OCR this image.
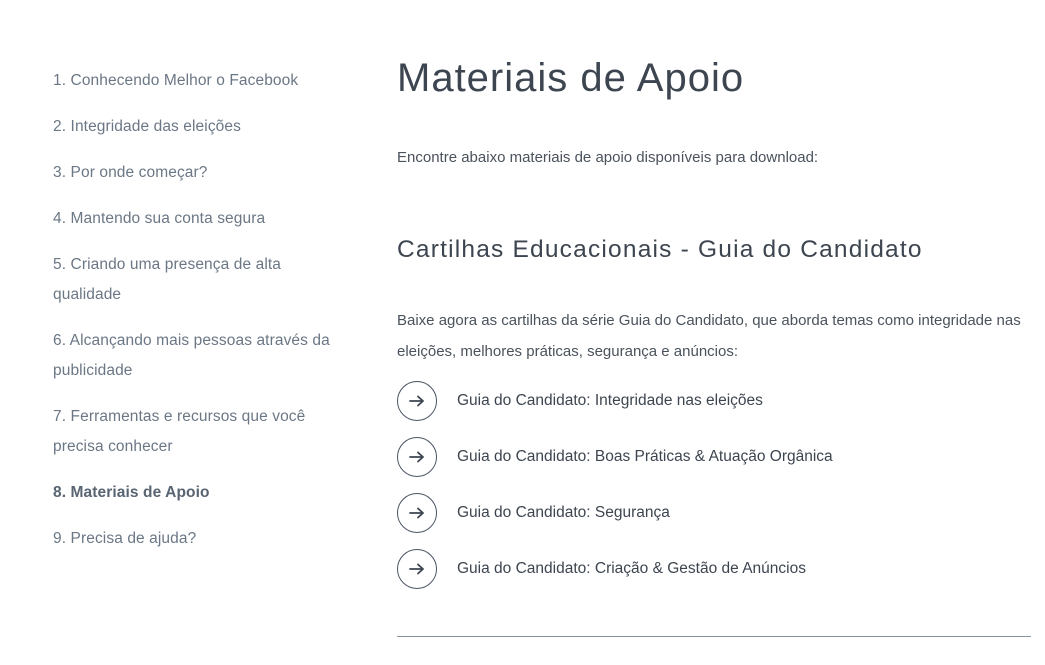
1. Conhecendo Melhor o Facebook
2. Integridade das eleições
3. Por onde começar?
4. Mantendo sua conta segura
5. Criando uma presença de alta qualidade
6. Alcançando mais pessoas através da publicidade
7. Ferramentas e recursos que você precisa conhecer
8. Materiais de Apoio
9. Precisa de ajuda?
Materiais de Apoio

Encontre abaixo materiais de apoio disponíveis para download:

Cartilhas Educacionais - Guia do Candidato

Baixe agora as cartilhas da série Guia do Candidato, que aborda temas como integridade nas eleições, melhores práticas, segurança e anúncios:

Guia do Candidato: Integridade nas eleições
Guia do Candidato: Boas Práticas & Atuação Orgânica
Guia do Candidato: Segurança
Guia do Candidato: Criação & Gestão de Anúncios
